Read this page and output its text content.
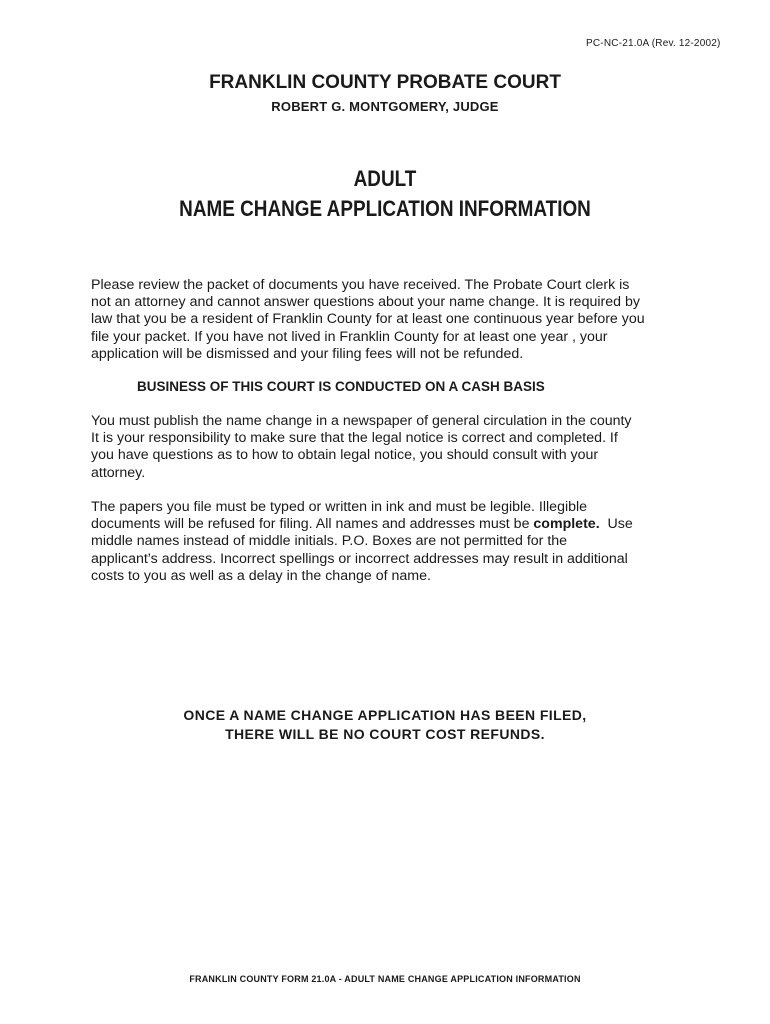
PC-NC-21.0A (Rev. 12-2002)
FRANKLIN COUNTY PROBATE COURT
ROBERT G. MONTGOMERY, JUDGE
ADULT
NAME CHANGE APPLICATION INFORMATION
Please review the packet of documents you have received. The Probate Court clerk is
not an attorney and cannot answer questions about your name change. It is required by
law that you be a resident of Franklin County for at least one continuous year before you
file your packet. If you have not lived in Franklin County for at least one year , your
application will be dismissed and your filing fees will not be refunded.
BUSINESS OF THIS COURT IS CONDUCTED ON A CASH BASIS
You must publish the name change in a newspaper of general circulation in the county
It is your responsibility to make sure that the legal notice is correct and completed. If
you have questions as to how to obtain legal notice, you should consult with your
attorney.
The papers you file must be typed or written in ink and must be legible. Illegible
documents will be refused for filing. All names and addresses must be complete.  Use
middle names instead of middle initials. P.O. Boxes are not permitted for the
applicant’s address. Incorrect spellings or incorrect addresses may result in additional
costs to you as well as a delay in the change of name.
ONCE A NAME CHANGE APPLICATION HAS BEEN FILED,
THERE WILL BE NO COURT COST REFUNDS.
FRANKLIN COUNTY FORM 21.0A - ADULT NAME CHANGE APPLICATION INFORMATION
